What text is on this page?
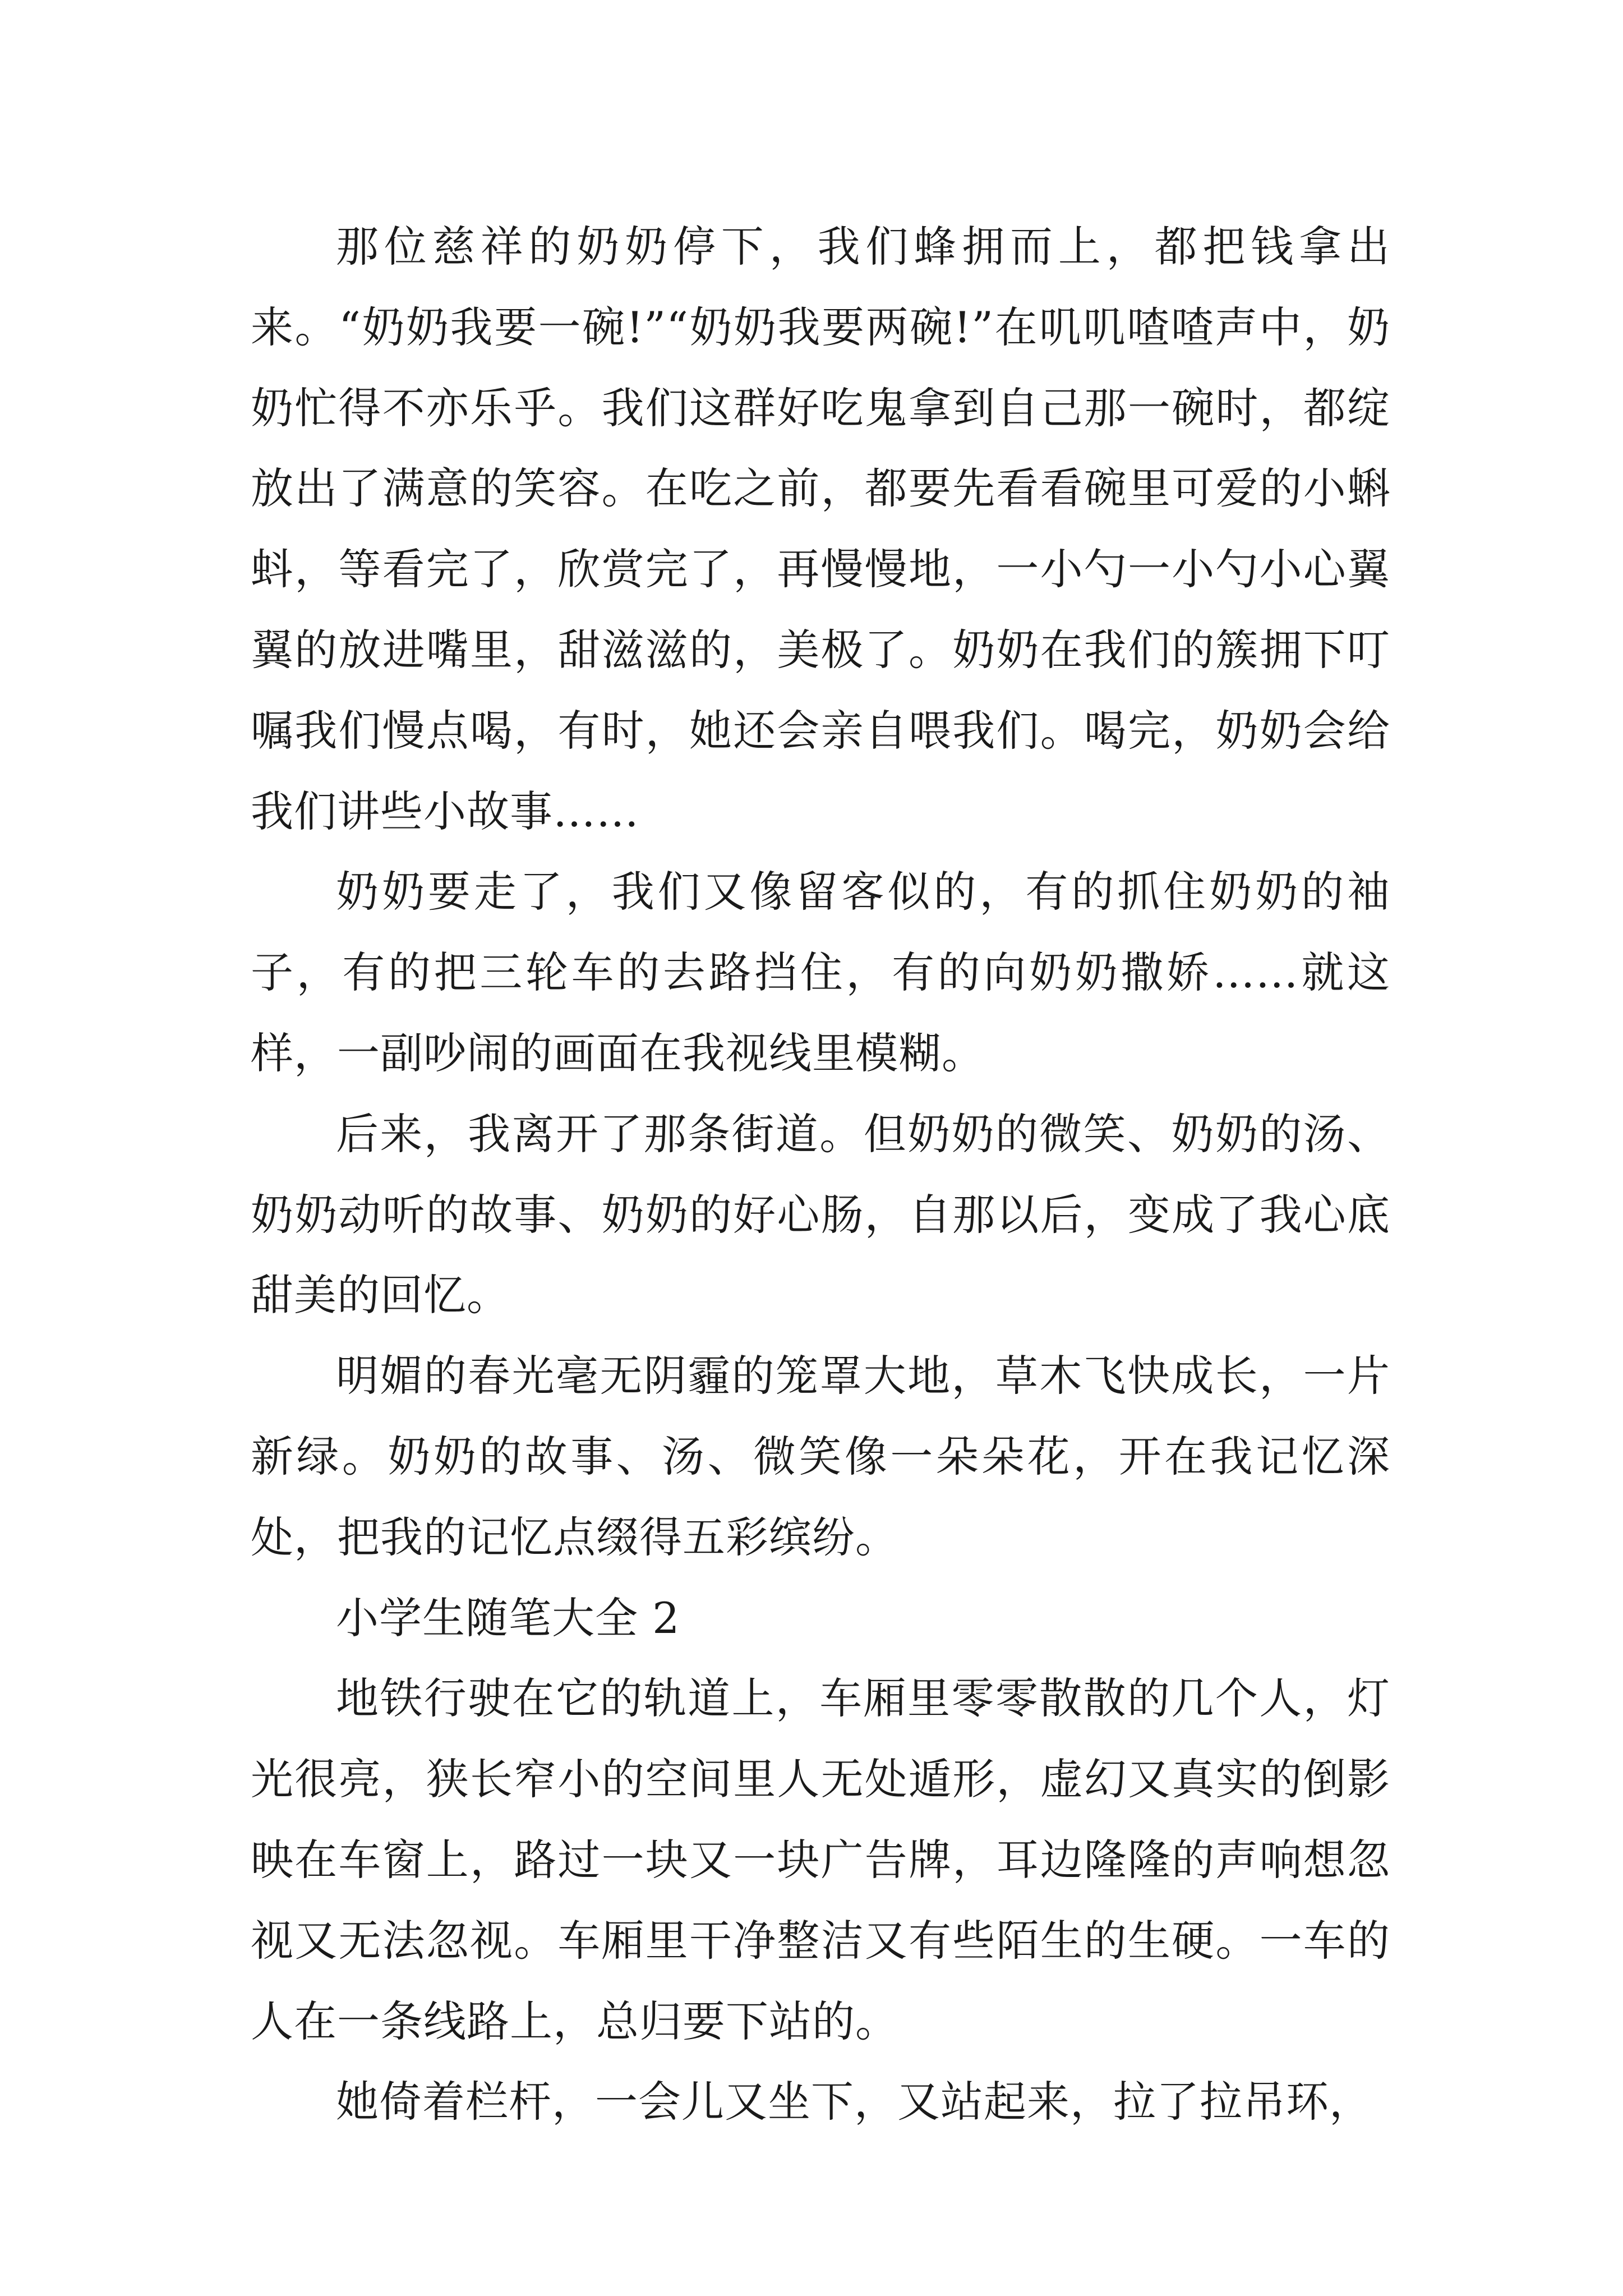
那位慈祥的奶奶停下，我们蜂拥而上，都把钱拿出来。“奶奶我要一碗!”“奶奶我要两碗!”在叽叽喳喳声中，奶奶忙得不亦乐乎。我们这群好吃鬼拿到自己那一碗时，都绽放出了满意的笑容。在吃之前，都要先看看碗里可爱的小蝌蚪，等看完了，欣赏完了，再慢慢地，一小勺一小勺小心翼翼的放进嘴里，甜滋滋的，美极了。奶奶在我们的簇拥下叮嘱我们慢点喝，有时，她还会亲自喂我们。喝完，奶奶会给我们讲些小故事……

奶奶要走了，我们又像留客似的，有的抓住奶奶的袖子，有的把三轮车的去路挡住，有的向奶奶撒娇……就这样，一副吵闹的画面在我视线里模糊。

后来，我离开了那条街道。但奶奶的微笑、奶奶的汤、奶奶动听的故事、奶奶的好心肠，自那以后，变成了我心底甜美的回忆。

明媚的春光毫无阴霾的笼罩大地，草木飞快成长，一片新绿。奶奶的故事、汤、微笑像一朵朵花，开在我记忆深处，把我的记忆点缀得五彩缤纷。

小学生随笔大全 2

地铁行驶在它的轨道上，车厢里零零散散的几个人，灯光很亮，狭长窄小的空间里人无处遁形，虚幻又真实的倒影映在车窗上，路过一块又一块广告牌，耳边隆隆的声响想忽视又无法忽视。车厢里干净整洁又有些陌生的生硬。一车的人在一条线路上，总归要下站的。

她倚着栏杆，一会儿又坐下，又站起来，拉了拉吊环，
